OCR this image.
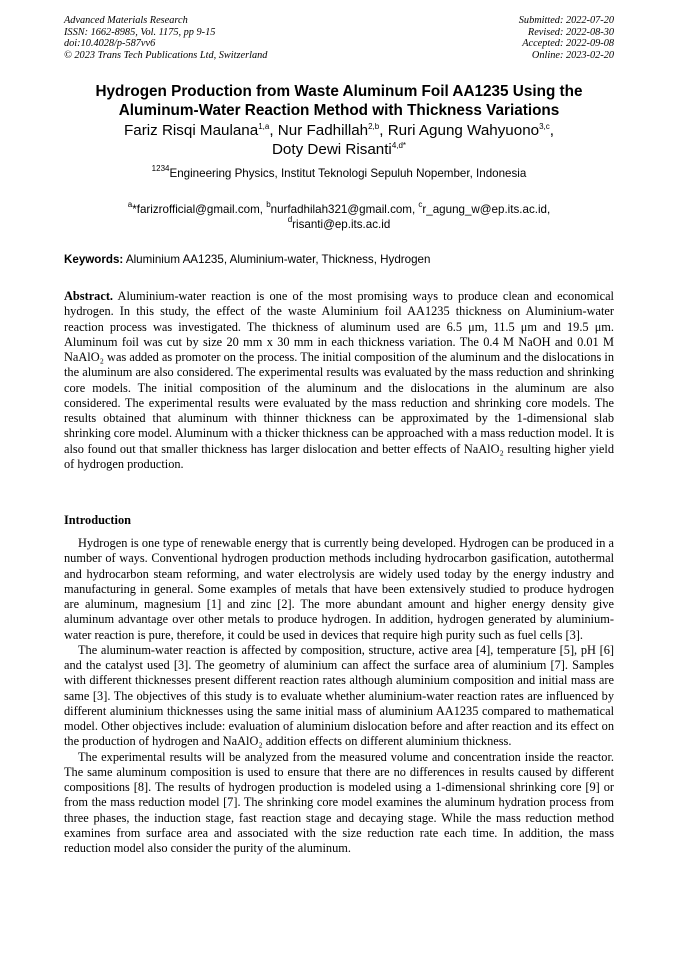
Advanced Materials Research
ISSN: 1662-8985, Vol. 1175, pp 9-15
doi:10.4028/p-587vv6
© 2023 Trans Tech Publications Ltd, Switzerland
Submitted: 2022-07-20
Revised: 2022-08-30
Accepted: 2022-09-08
Online: 2023-02-20
Hydrogen Production from Waste Aluminum Foil AA1235 Using the
Aluminum-Water Reaction Method with Thickness Variations
Fariz Risqi Maulana$^{1,a}$, Nur Fadhillah$^{2,b}$, Ruri Agung Wahyuono$^{3,c}$,
Doty Dewi Risanti$^{4,d*}$
$^{1234}$Engineering Physics, Institut Teknologi Sepuluh Nopember, Indonesia
$^a$*farizrofficial@gmail.com, $^b$nurfadhilah321@gmail.com, $^c$r_agung_w@ep.its.ac.id,
$^d$risanti@ep.its.ac.id
Keywords: Aluminium AA1235, Aluminium-water, Thickness, Hydrogen
Abstract. Aluminium-water reaction is one of the most promising ways to produce clean and economical hydrogen. In this study, the effect of the waste Aluminium foil AA1235 thickness on Aluminium-water reaction process was investigated. The thickness of aluminum used are 6.5 μm, 11.5 μm and 19.5 μm. Aluminum foil was cut by size 20 mm x 30 mm in each thickness variation. The 0.4 M NaOH and 0.01 M NaAlO₂ was added as promoter on the process. The initial composition of the aluminum and the dislocations in the aluminum are also considered. The experimental results was evaluated by the mass reduction and shrinking core models. The initial composition of the aluminum and the dislocations in the aluminum are also considered. The experimental results were evaluated by the mass reduction and shrinking core models. The results obtained that aluminum with thinner thickness can be approximated by the 1-dimensional slab shrinking core model. Aluminum with a thicker thickness can be approached with a mass reduction model. It is also found out that smaller thickness has larger dislocation and better effects of NaAlO₂ resulting higher yield of hydrogen production.
Introduction

Hydrogen is one type of renewable energy that is currently being developed. Hydrogen can be produced in a number of ways. Conventional hydrogen production methods including hydrocarbon gasification, autothermal and hydrocarbon steam reforming, and water electrolysis are widely used today by the energy industry and manufacturing in general. Some examples of metals that have been extensively studied to produce hydrogen are aluminum, magnesium [1] and zinc [2]. The more abundant amount and higher energy density give aluminum advantage over other metals to produce hydrogen. In addition, hydrogen generated by aluminium-water reaction is pure, therefore, it could be used in devices that require high purity such as fuel cells [3].

The aluminum-water reaction is affected by composition, structure, active area [4], temperature [5], pH [6] and the catalyst used [3]. The geometry of aluminium can affect the surface area of aluminium [7]. Samples with different thicknesses present different reaction rates although aluminium composition and initial mass are same [3]. The objectives of this study is to evaluate whether aluminium-water reaction rates are influenced by different aluminium thicknesses using the same initial mass of aluminium AA1235 compared to mathematical model. Other objectives include: evaluation of aluminium dislocation before and after reaction and its effect on the production of hydrogen and NaAlO₂ addition effects on different aluminium thickness.

The experimental results will be analyzed from the measured volume and concentration inside the reactor. The same aluminum composition is used to ensure that there are no differences in results caused by different compositions [8]. The results of hydrogen production is modeled using a 1-dimensional shrinking core [9] or from the mass reduction model [7]. The shrinking core model examines the aluminum hydration process from three phases, the induction stage, fast reaction stage and decaying stage. While the mass reduction method examines from surface area and associated with the size reduction rate each time. In addition, the mass reduction model also consider the purity of the aluminum.
